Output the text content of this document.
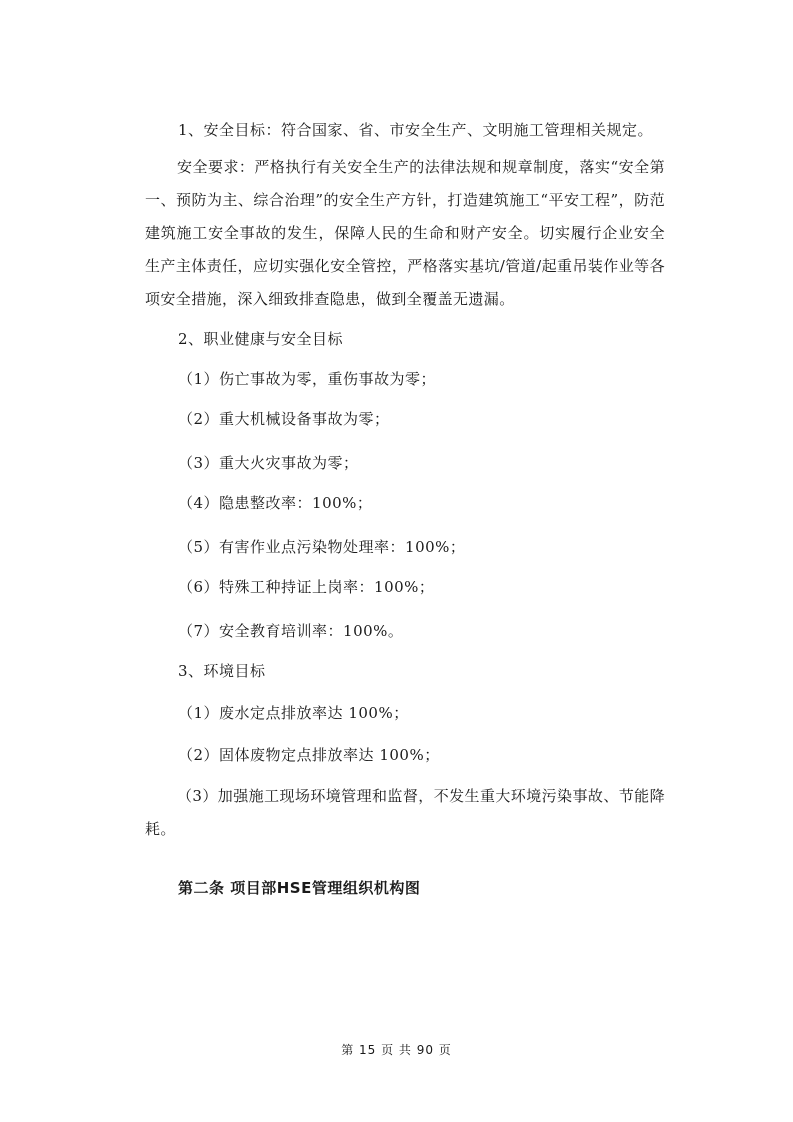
1、安全目标：符合国家、省、市安全生产、文明施工管理相关规定。
安全要求：严格执行有关安全生产的法律法规和规章制度，落实“安全第一、预防为主、综合治理”的安全生产方针，打造建筑施工“平安工程”，防范建筑施工安全事故的发生，保障人民的生命和财产安全。切实履行企业安全生产主体责任，应切实强化安全管控，严格落实基坑/管道/起重吊装作业等各项安全措施，深入细致排查隐患，做到全覆盖无遗漏。
2、职业健康与安全目标
（1）伤亡事故为零，重伤事故为零；
（2）重大机械设备事故为零；
（3）重大火灾事故为零；
（4）隐患整改率：100%；
（5）有害作业点污染物处理率：100%；
（6）特殊工种持证上岗率：100%；
（7）安全教育培训率：100%。
3、环境目标
（1）废水定点排放率达 100%；
（2）固体废物定点排放率达 100%；
（3）加强施工现场环境管理和监督，不发生重大环境污染事故、节能降耗。
第二条 项目部HSE管理组织机构图
第 15 页 共 90 页
